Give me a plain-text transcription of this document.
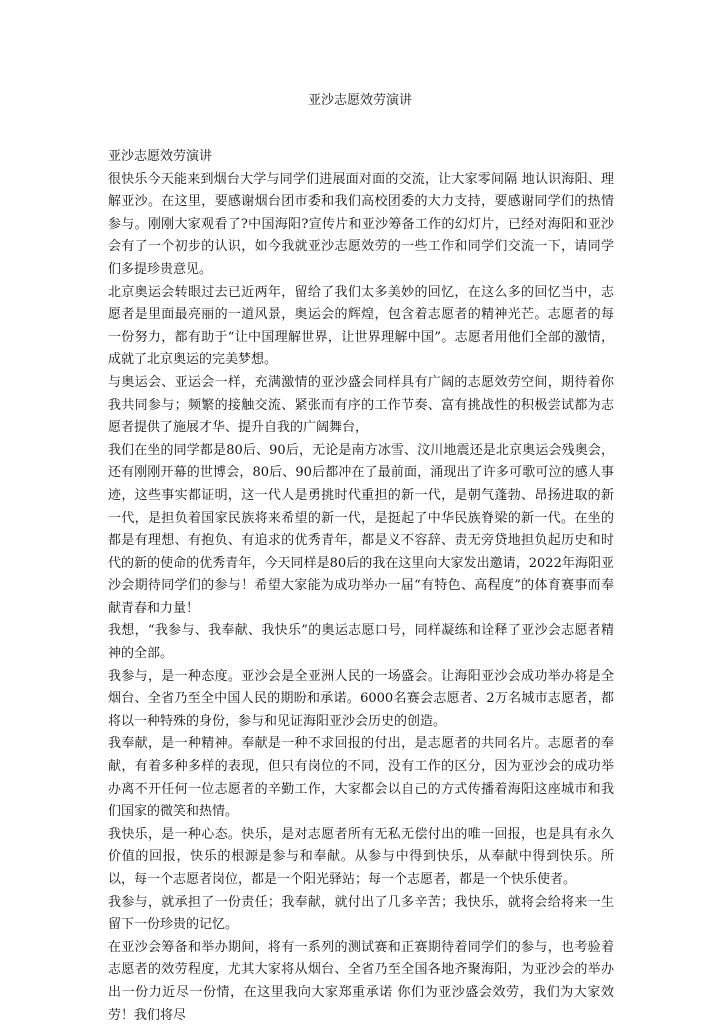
亚沙志愿效劳演讲

亚沙志愿效劳演讲

很快乐今天能来到烟台大学与同学们进展面对面的交流，让大家零间隔 地认识海阳、理解亚沙。在这里，要感谢烟台团市委和我们高校团委的大力支持，要感谢同学们的热情参与。刚刚大家观看了?中国海阳?宣传片和亚沙筹备工作的幻灯片，已经对海阳和亚沙会有了一个初步的认识，如今我就亚沙志愿效劳的一些工作和同学们交流一下，请同学们多提珍贵意见。

北京奥运会转眼过去已近两年，留给了我们太多美妙的回忆，在这么多的回忆当中，志愿者是里面最亮丽的一道风景，奥运会的辉煌，包含着志愿者的精神光芒。志愿者的每一份努力，都有助于“让中国理解世界，让世界理解中国”。志愿者用他们全部的激情，成就了北京奥运的完美梦想。

与奥运会、亚运会一样，充满激情的亚沙盛会同样具有广阔的志愿效劳空间，期待着你我共同参与；频繁的接触交流、紧张而有序的工作节奏、富有挑战性的积极尝试都为志愿者提供了施展才华、提升自我的广阔舞台，

我们在坐的同学都是80后、90后，无论是南方冰雪、汶川地震还是北京奥运会残奥会，还有刚刚开幕的世博会，80后、90后都冲在了最前面，涌现出了许多可歌可泣的感人事迹，这些事实都证明，这一代人是勇挑时代重担的新一代，是朝气蓬勃、昂扬进取的新一代，是担负着国家民族将来希望的新一代，是挺起了中华民族脊梁的新一代。在坐的都是有理想、有抱负、有追求的优秀青年，都是义不容辞、责无旁贷地担负起历史和时代的新的使命的优秀青年，今天同样是80后的我在这里向大家发出邀请，2022年海阳亚沙会期待同学们的参与！希望大家能为成功举办一届“有特色、高程度”的体育赛事而奉献青春和力量！

我想，“我参与、我奉献、我快乐”的奥运志愿口号，同样凝练和诠释了亚沙会志愿者精神的全部。

我参与，是一种态度。亚沙会是全亚洲人民的一场盛会。让海阳亚沙会成功举办将是全烟台、全省乃至全中国人民的期盼和承诺。6000名赛会志愿者、2万名城市志愿者，都将以一种特殊的身份，参与和见证海阳亚沙会历史的创造。

我奉献，是一种精神。奉献是一种不求回报的付出，是志愿者的共同名片。志愿者的奉献，有着多种多样的表现，但只有岗位的不同，没有工作的区分，因为亚沙会的成功举办离不开任何一位志愿者的辛勤工作，大家都会以自己的方式传播着海阳这座城市和我们国家的微笑和热情。

我快乐，是一种心态。快乐，是对志愿者所有无私无偿付出的唯一回报，也是具有永久价值的回报，快乐的根源是参与和奉献。从参与中得到快乐，从奉献中得到快乐。所以，每一个志愿者岗位，都是一个阳光驿站；每一个志愿者，都是一个快乐使者。

我参与，就承担了一份责任；我奉献，就付出了几多辛苦；我快乐，就将会给将来一生留下一份珍贵的记忆。

在亚沙会筹备和举办期间，将有一系列的测试赛和正赛期待着同学们的参与，也考验着志愿者的效劳程度，尤其大家将从烟台、全省乃至全国各地齐聚海阳，为亚沙会的举办出一份力近尽一份情，在这里我向大家郑重承诺 你们为亚沙盛会效劳，我们为大家效劳！我们将尽
